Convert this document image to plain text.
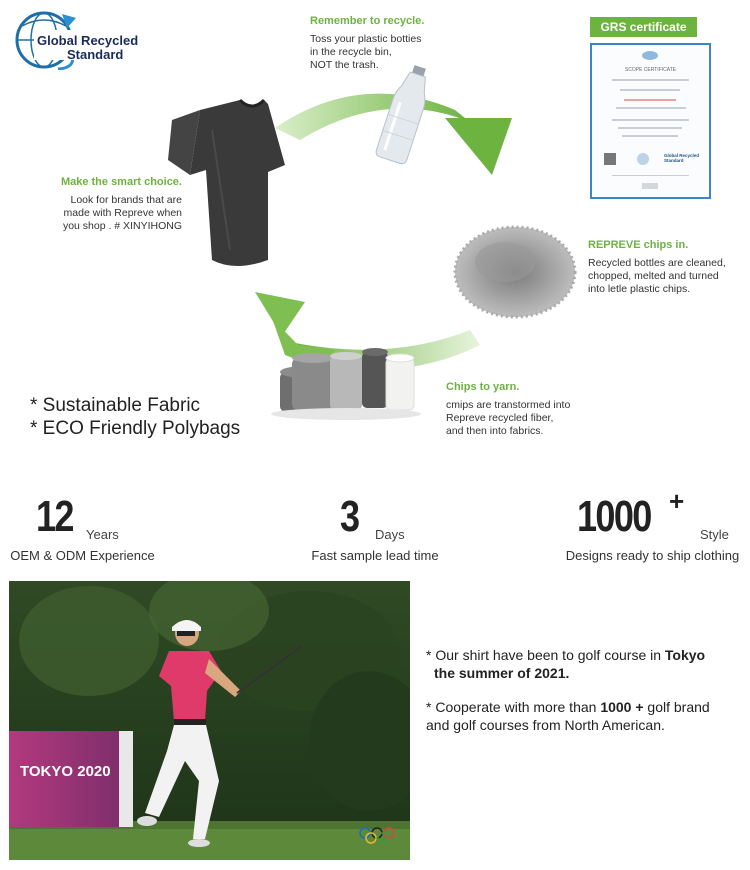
Global Recycled
Standard
Remember to recycle.
Toss your plastic botties
in the recycle bin,
NOT the trash.
Make the smart choice.
Look for brands that are
made with Repreve when
you shop . # XINYIHONG
REPREVE chips in.
Recycled bottles are cleaned,
chopped, melted and turned
into letle plastic chips.
Chips to yarn.
cmips are transtormed into
Repreve recycled fiber,
and then into fabrics.
GRS certificate
SCOPE CERTIFICATE
Global Recycled Standard
* Sustainable Fabric
* ECO Friendly Polybags
12 Years
OEM & ODM Experience
3 Days
Fast sample lead time
1000 +
Style
Designs ready to ship clothing
TOKYO 2020
* Our shirt have been to golf course in Tokyo
the summer of 2021.
* Cooperate with more than 1000 + golf brand
and golf courses from North American.
